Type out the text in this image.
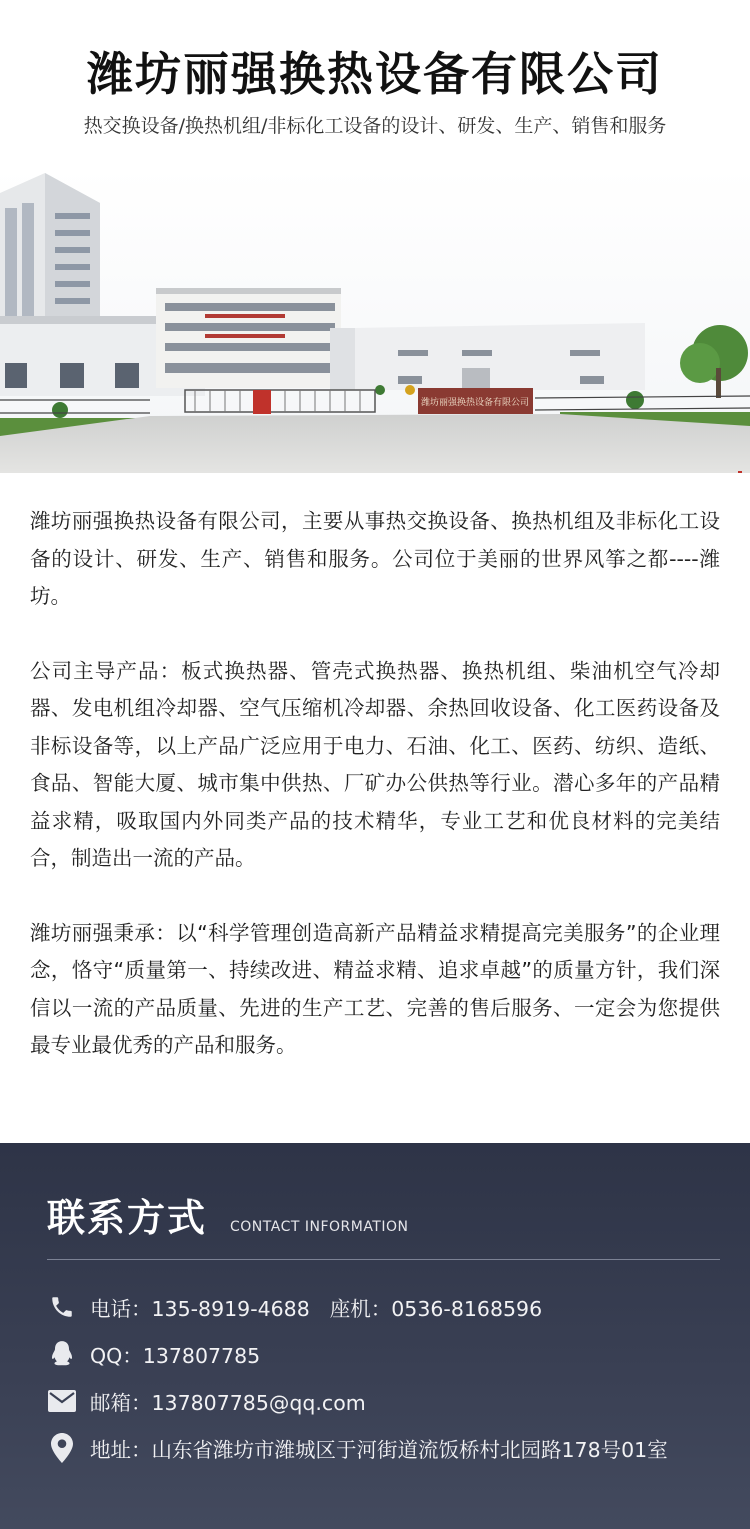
潍坊丽强换热设备有限公司
热交换设备/换热机组/非标化工设备的设计、研发、生产、销售和服务
潍坊丽强换热设备有限公司

潍坊丽强换热设备有限公司，主要从事热交换设备、换热机组及非标化工设备的设计、研发、生产、销售和服务。公司位于美丽的世界风筝之都----潍坊。

公司主导产品：板式换热器、管壳式换热器、换热机组、柴油机空气冷却器、发电机组冷却器、空气压缩机冷却器、余热回收设备、化工医药设备及非标设备等，以上产品广泛应用于电力、石油、化工、医药、纺织、造纸、食品、智能大厦、城市集中供热、厂矿办公供热等行业。潜心多年的产品精益求精，吸取国内外同类产品的技术精华，专业工艺和优良材料的完美结合，制造出一流的产品。

潍坊丽强秉承：以“科学管理创造高新产品精益求精提高完美服务”的企业理念，恪守“质量第一、持续改进、精益求精、追求卓越”的质量方针，我们深信以一流的产品质量、先进的生产工艺、完善的售后服务、一定会为您提供最专业最优秀的产品和服务。

联系方式 CONTACT INFORMATION
电话：135-8919-4688 座机：0536-8168596
QQ：137807785
邮箱：137807785@qq.com
地址：山东省潍坊市潍城区于河街道流饭桥村北园路178号01室
